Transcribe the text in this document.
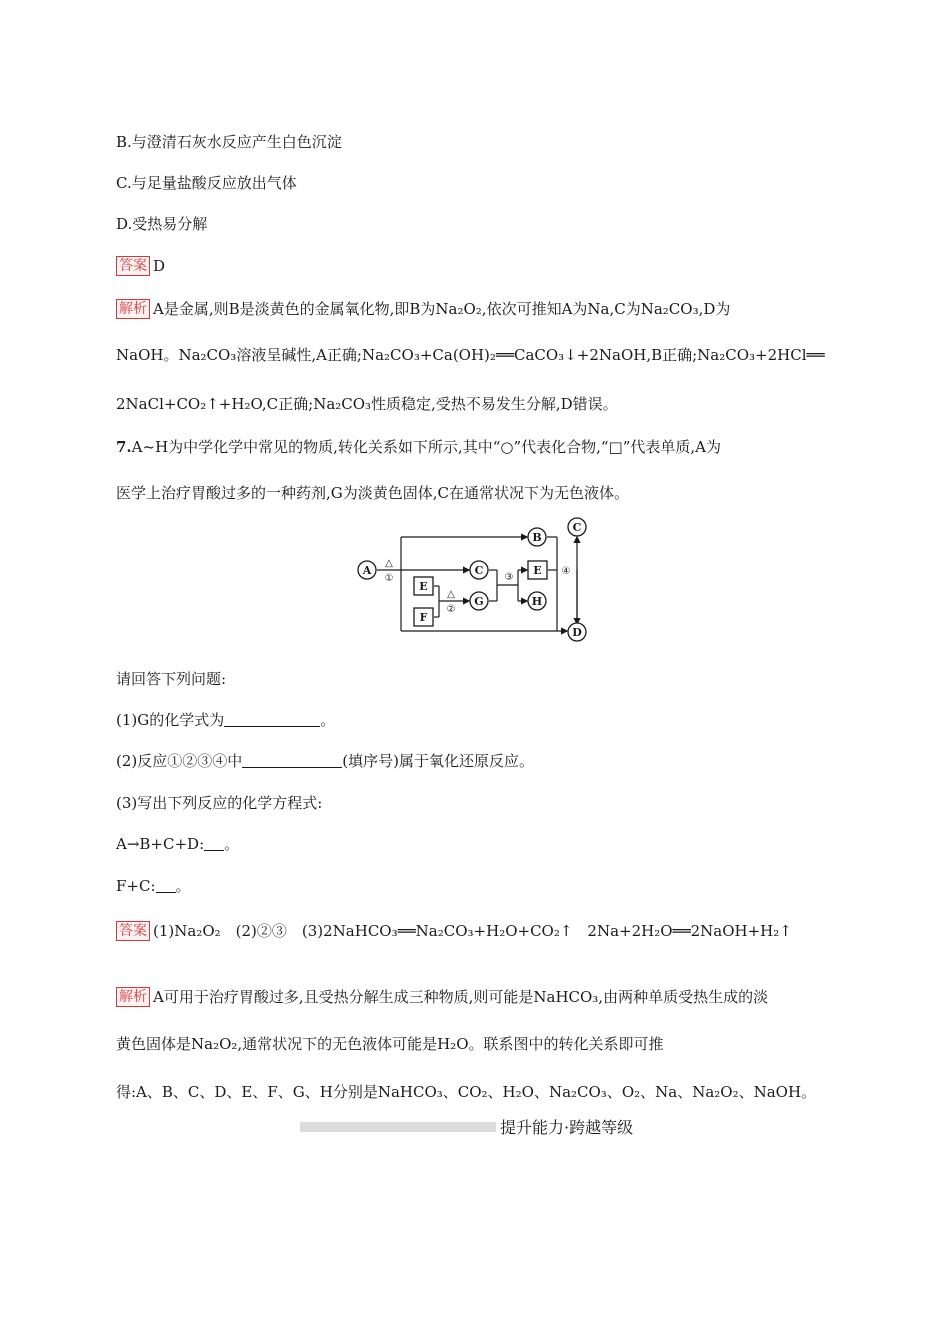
B.与澄清石灰水反应产生白色沉淀
C.与足量盐酸反应放出气体
D.受热易分解
答案 D
解析 A是金属,则B是淡黄色的金属氧化物,即B为Na₂O₂,依次可推知A为Na,C为Na₂CO₃,D为
NaOH。Na₂CO₃溶液呈碱性,A正确;Na₂CO₃+Ca(OH)₂══CaCO₃↓+2NaOH,B正确;Na₂CO₃+2HCl══
2NaCl+CO₂↑+H₂O,C正确;Na₂CO₃性质稳定,受热不易发生分解,D错误。
7.A~H为中学化学中常见的物质,转化关系如下所示,其中“○”代表化合物,“□”代表单质,A为
医学上治疗胃酸过多的一种药剂,G为淡黄色固体,C在通常状况下为无色液体。
A
B
C
D
C
G	H
E
F
E
△
①
△
②
③
④
请回答下列问题:
(1)G的化学式为	。
(2)反应①②③④中	(填序号)属于氧化还原反应。
(3)写出下列反应的化学方程式:
A→B+C+D: 。
F+C: 。
答案 (1)Na₂O₂　(2)②③　(3)2NaHCO₃══Na₂CO₃+H₂O+CO₂↑　2Na+2H₂O══2NaOH+H₂↑
解析 A可用于治疗胃酸过多,且受热分解生成三种物质,则可能是NaHCO₃,由两种单质受热生成的淡
黄色固体是Na₂O₂,通常状况下的无色液体可能是H₂O。联系图中的转化关系即可推
得:A、B、C、D、E、F、G、H分别是NaHCO₃、CO₂、H₂O、Na₂CO₃、O₂、Na、Na₂O₂、NaOH。
提升能力·跨越等级
